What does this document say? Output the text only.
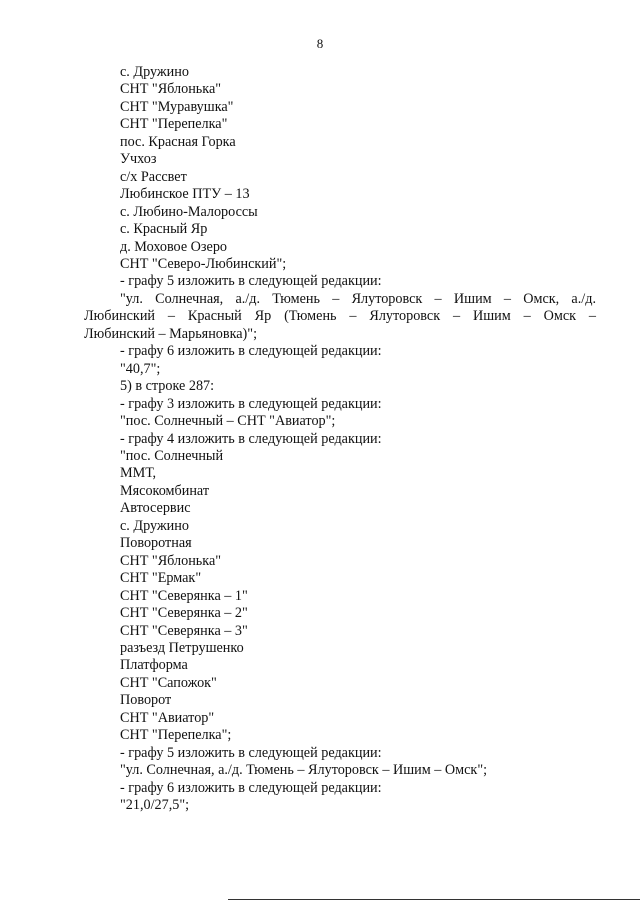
8
с. Дружино
СНТ "Яблонька"
СНТ "Муравушка"
СНТ "Перепелка"
пос. Красная Горка
Учхоз
с/х Рассвет
Любинское ПТУ – 13
с. Любино-Малороссы
с. Красный Яр
д. Моховое Озеро
СНТ "Северо-Любинский";
- графу 5 изложить в следующей редакции:
"ул. Солнечная, а./д. Тюмень – Ялуторовск – Ишим – Омск, а./д.
Любинский – Красный Яр (Тюмень – Ялуторовск – Ишим – Омск –
Любинский – Марьяновка)";
- графу 6 изложить в следующей редакции:
"40,7";
5) в строке 287:
- графу 3 изложить в следующей редакции:
"пос. Солнечный – СНТ "Авиатор";
- графу 4 изложить в следующей редакции:
"пос. Солнечный
ММТ,
Мясокомбинат
Автосервис
с. Дружино
Поворотная
СНТ "Яблонька"
СНТ "Ермак"
СНТ "Северянка – 1"
СНТ "Северянка – 2"
СНТ "Северянка – 3"
разъезд Петрушенко
Платформа
СНТ "Сапожок"
Поворот
СНТ "Авиатор"
СНТ "Перепелка";
- графу 5 изложить в следующей редакции:
"ул. Солнечная, а./д. Тюмень – Ялуторовск – Ишим – Омск";
- графу 6 изложить в следующей редакции:
"21,0/27,5";
